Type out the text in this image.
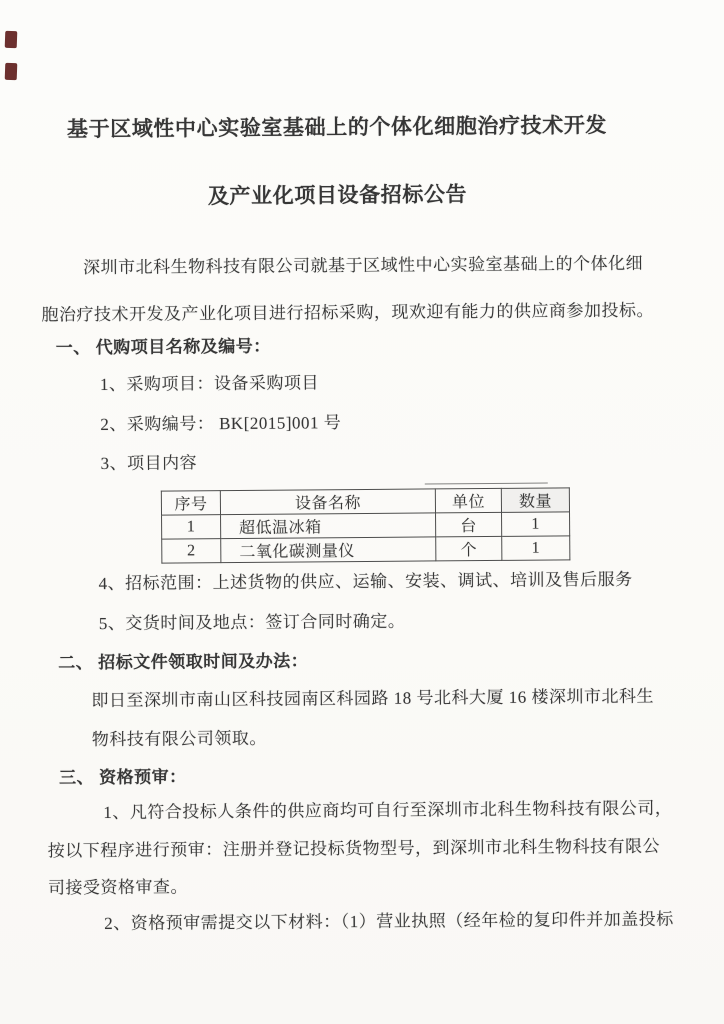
基于区域性中心实验室基础上的个体化细胞治疗技术开发
及产业化项目设备招标公告
深圳市北科生物科技有限公司就基于区域性中心实验室基础上的个体化细
胞治疗技术开发及产业化项目进行招标采购，现欢迎有能力的供应商参加投标。
一、 代购项目名称及编号：
1、采购项目：设备采购项目
2、采购编号： BK[2015]001 号
3、项目内容
序号	设备名称	单位	数量
1	超低温冰箱	台	1
2	二氧化碳测量仪	个	1
4、招标范围：上述货物的供应、运输、安装、调试、培训及售后服务
5、交货时间及地点：签订合同时确定。
二、 招标文件领取时间及办法：
即日至深圳市南山区科技园南区科园路 18 号北科大厦 16 楼深圳市北科生
物科技有限公司领取。
三、 资格预审：
1、凡符合投标人条件的供应商均可自行至深圳市北科生物科技有限公司，
按以下程序进行预审：注册并登记投标货物型号，到深圳市北科生物科技有限公
司接受资格审查。
2、资格预审需提交以下材料：（1）营业执照（经年检的复印件并加盖投标
